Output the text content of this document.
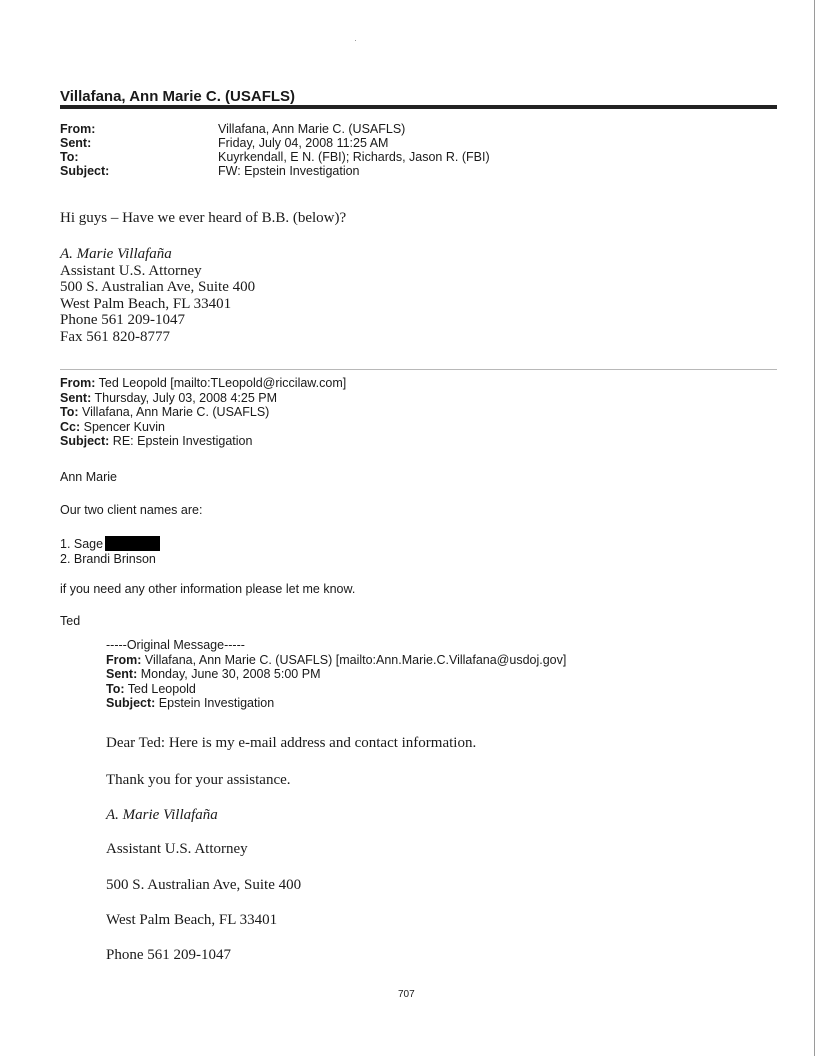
Villafana, Ann Marie C. (USAFLS)
From:	Villafana, Ann Marie C. (USAFLS)
Sent:	Friday, July 04, 2008 11:25 AM
To:	Kuyrkendall, E N. (FBI); Richards, Jason R. (FBI)
Subject:	FW: Epstein Investigation
Hi guys – Have we ever heard of B.B. (below)?
A. Marie Villafaña
Assistant U.S. Attorney
500 S. Australian Ave, Suite 400
West Palm Beach, FL 33401
Phone 561 209-1047
Fax 561 820-8777
From: Ted Leopold [mailto:TLeopold@riccilaw.com]
Sent: Thursday, July 03, 2008 4:25 PM
To: Villafana, Ann Marie C. (USAFLS)
Cc: Spencer Kuvin
Subject: RE: Epstein Investigation
Ann Marie
Our two client names are:
1. Sage
2. Brandi Brinson
if you need any other information please let me know.
Ted
-----Original Message-----
From: Villafana, Ann Marie C. (USAFLS) [mailto:Ann.Marie.C.Villafana@usdoj.gov]
Sent: Monday, June 30, 2008 5:00 PM
To: Ted Leopold
Subject: Epstein Investigation
Dear Ted: Here is my e-mail address and contact information.
Thank you for your assistance.
A. Marie Villafaña
Assistant U.S. Attorney
500 S. Australian Ave, Suite 400
West Palm Beach, FL 33401
Phone 561 209-1047
707
